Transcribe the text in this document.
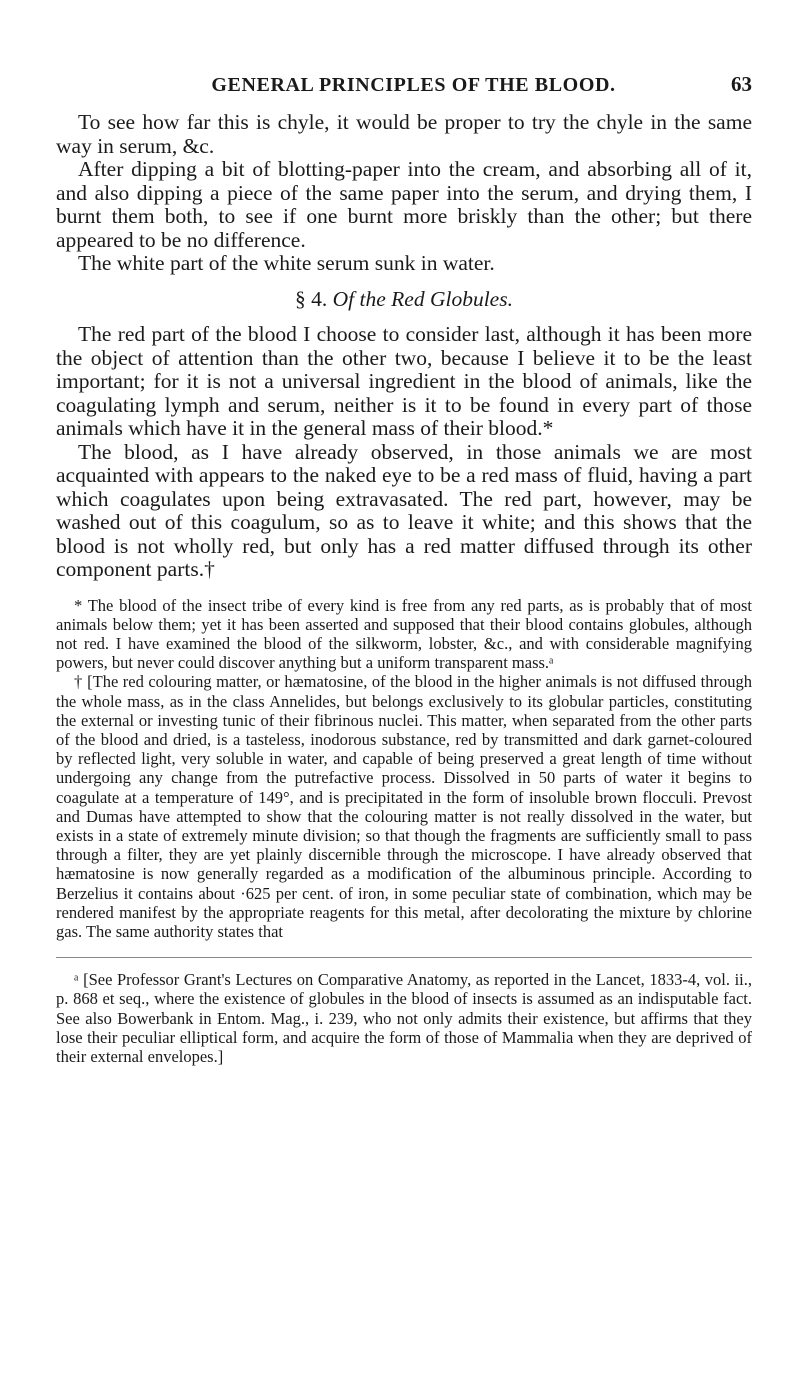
GENERAL PRINCIPLES OF THE BLOOD.	63

To see how far this is chyle, it would be proper to try the chyle in the same way in serum, &c.

After dipping a bit of blotting-paper into the cream, and absorbing all of it, and also dipping a piece of the same paper into the serum, and drying them, I burnt them both, to see if one burnt more briskly than the other; but there appeared to be no difference.

The white part of the white serum sunk in water.

§ 4. Of the Red Globules.

The red part of the blood I choose to consider last, although it has been more the object of attention than the other two, because I believe it to be the least important; for it is not a universal ingredient in the blood of animals, like the coagulating lymph and serum, neither is it to be found in every part of those animals which have it in the general mass of their blood.*

The blood, as I have already observed, in those animals we are most acquainted with appears to the naked eye to be a red mass of fluid, having a part which coagulates upon being extravasated. The red part, however, may be washed out of this coagulum, so as to leave it white; and this shows that the blood is not wholly red, but only has a red matter diffused through its other component parts.†

* The blood of the insect tribe of every kind is free from any red parts, as is probably that of most animals below them; yet it has been asserted and supposed that their blood contains globules, although not red. I have examined the blood of the silkworm, lobster, &c., and with considerable magnifying powers, but never could discover anything but a uniform transparent mass.ᵃ

† [The red colouring matter, or hæmatosine, of the blood in the higher animals is not diffused through the whole mass, as in the class Annelides, but belongs exclusively to its globular particles, constituting the external or investing tunic of their fibrinous nuclei. This matter, when separated from the other parts of the blood and dried, is a tasteless, inodorous substance, red by transmitted and dark garnet-coloured by reflected light, very soluble in water, and capable of being preserved a great length of time without undergoing any change from the putrefactive process. Dissolved in 50 parts of water it begins to coagulate at a temperature of 149°, and is precipitated in the form of insoluble brown flocculi. Prevost and Dumas have attempted to show that the colouring matter is not really dissolved in the water, but exists in a state of extremely minute division; so that though the fragments are sufficiently small to pass through a filter, they are yet plainly discernible through the microscope. I have already observed that hæmatosine is now generally regarded as a modification of the albuminous principle. According to Berzelius it contains about ·625 per cent. of iron, in some peculiar state of combination, which may be rendered manifest by the appropriate reagents for this metal, after decolorating the mixture by chlorine gas. The same authority states that

ᵃ [See Professor Grant's Lectures on Comparative Anatomy, as reported in the Lancet, 1833-4, vol. ii., p. 868 et seq., where the existence of globules in the blood of insects is assumed as an indisputable fact. See also Bowerbank in Entom. Mag., i. 239, who not only admits their existence, but affirms that they lose their peculiar elliptical form, and acquire the form of those of Mammalia when they are deprived of their external envelopes.]
